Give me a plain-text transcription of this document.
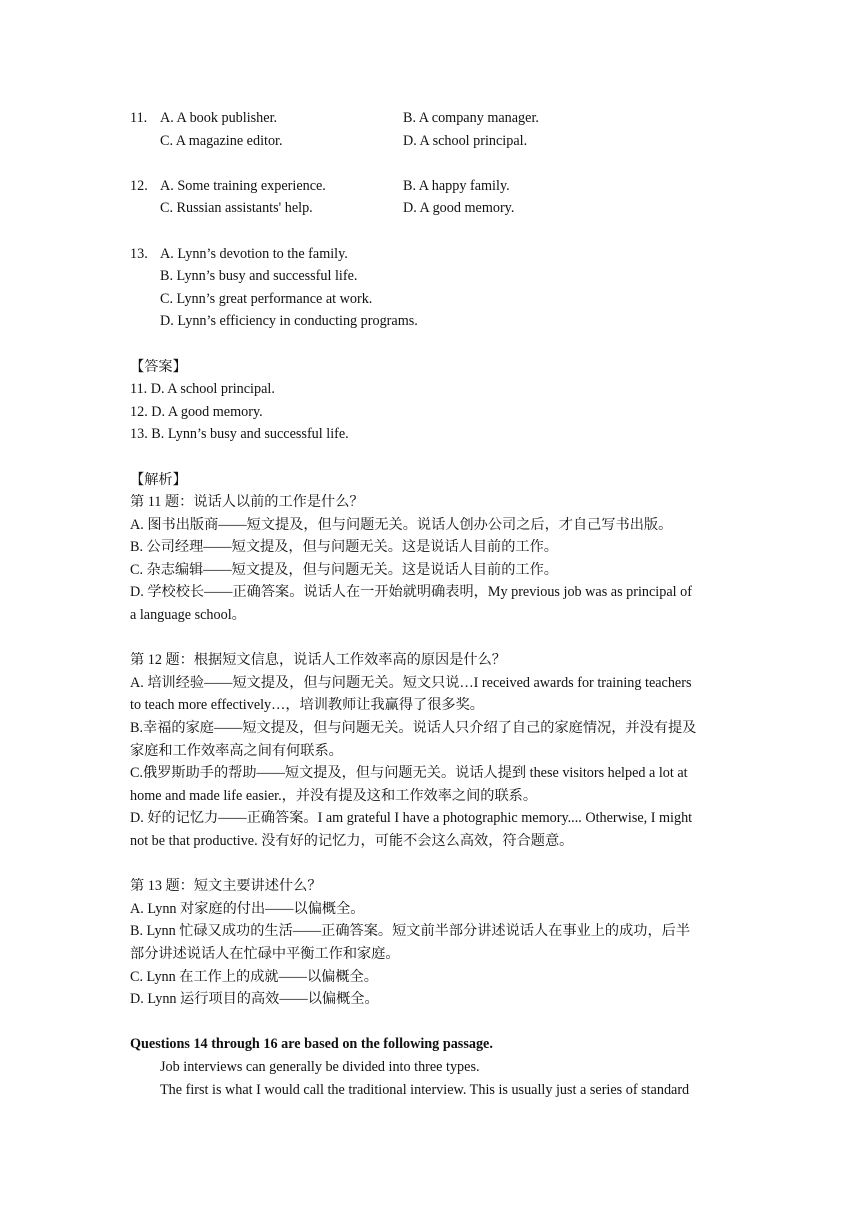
11. A. A book publisher.	B. A company manager.
C. A magazine editor.	D. A school principal.
12. A. Some training experience.	B. A happy family.
C. Russian assistants' help.	D. A good memory.
13. A. Lynn’s devotion to the family.
B. Lynn’s busy and successful life.
C. Lynn’s great performance at work.
D. Lynn’s efficiency in conducting programs.
【答案】
11. D. A school principal.
12. D. A good memory.
13. B. Lynn’s busy and successful life.
【解析】
第 11 题：说话人以前的工作是什么？
A. 图书出版商——短文提及，但与问题无关。说话人创办公司之后，才自己写书出版。
B. 公司经理——短文提及，但与问题无关。这是说话人目前的工作。
C. 杂志编辑——短文提及，但与问题无关。这是说话人目前的工作。
D. 学校校长——正确答案。说话人在一开始就明确表明，My previous job was as principal of
a language school。
第 12 题：根据短文信息，说话人工作效率高的原因是什么？
A. 培训经验——短文提及，但与问题无关。短文只说…I received awards for training teachers
to teach more effectively…，培训教师让我赢得了很多奖。
B.幸福的家庭——短文提及，但与问题无关。说话人只介绍了自己的家庭情况，并没有提及
家庭和工作效率高之间有何联系。
C.俄罗斯助手的帮助——短文提及，但与问题无关。说话人提到 these visitors helped a lot at
home and made life easier.，并没有提及这和工作效率之间的联系。
D. 好的记忆力——正确答案。I am grateful I have a photographic memory.... Otherwise, I might
not be that productive. 没有好的记忆力，可能不会这么高效，符合题意。
第 13 题：短文主要讲述什么？
A. Lynn 对家庭的付出——以偏概全。
B. Lynn 忙碌又成功的生活——正确答案。短文前半部分讲述说话人在事业上的成功，后半
部分讲述说话人在忙碌中平衡工作和家庭。
C. Lynn 在工作上的成就——以偏概全。
D. Lynn 运行项目的高效——以偏概全。
Questions 14 through 16 are based on the following passage.
Job interviews can generally be divided into three types.
The first is what I would call the traditional interview. This is usually just a series of standard
